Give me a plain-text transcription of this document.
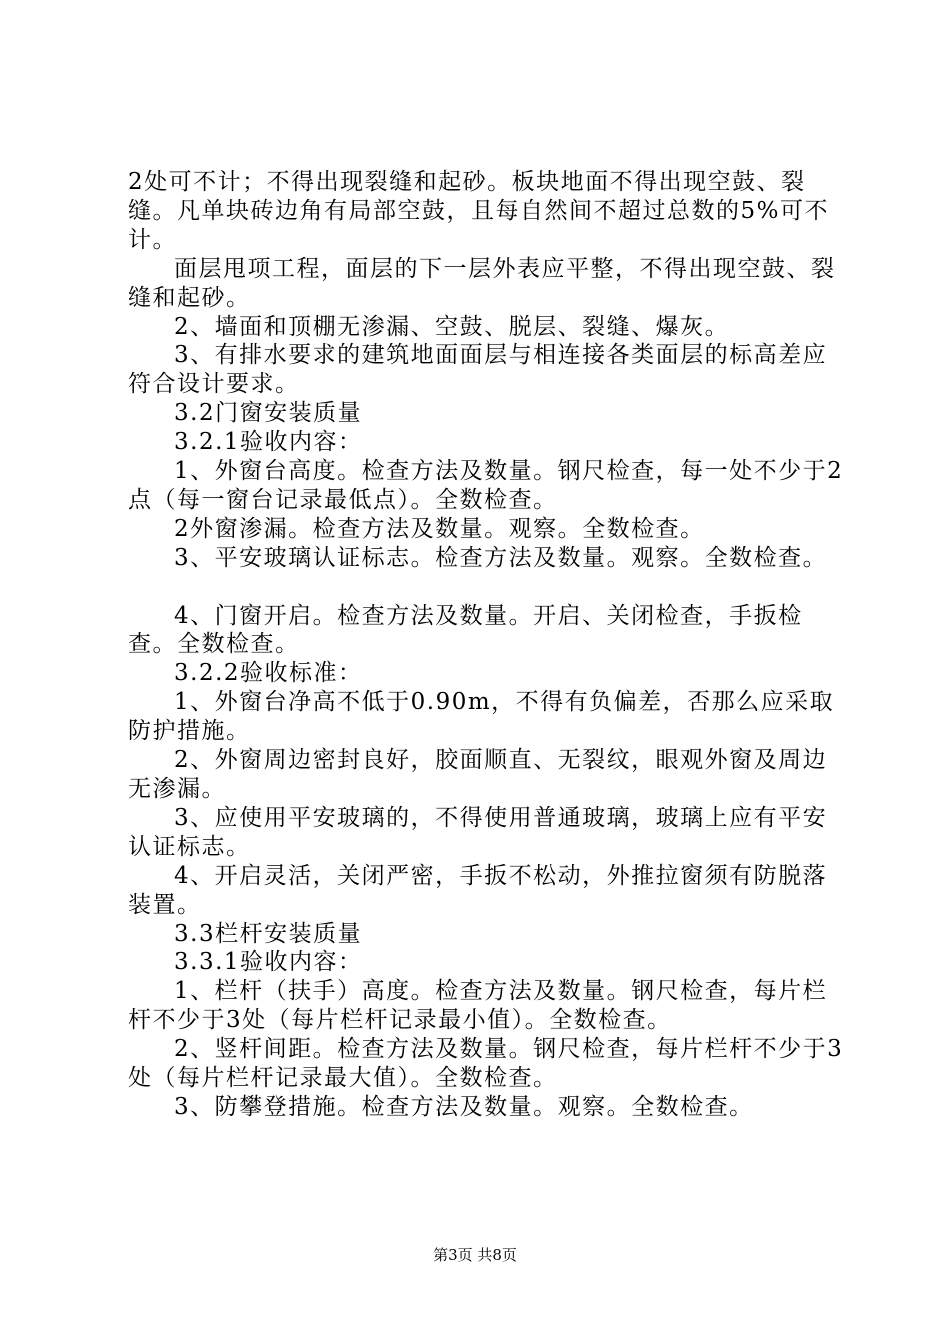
2处可不计；不得出现裂缝和起砂。板块地面不得出现空鼓、裂缝。凡单块砖边角有局部空鼓，且每自然间不超过总数的5%可不计。

面层甩项工程，面层的下一层外表应平整，不得出现空鼓、裂缝和起砂。

2、墙面和顶棚无渗漏、空鼓、脱层、裂缝、爆灰。

3、有排水要求的建筑地面面层与相连接各类面层的标高差应符合设计要求。

3.2门窗安装质量

3.2.1验收内容：

1、外窗台高度。检查方法及数量。钢尺检查，每一处不少于2点（每一窗台记录最低点）。全数检查。

2外窗渗漏。检查方法及数量。观察。全数检查。

3、平安玻璃认证标志。检查方法及数量。观察。全数检查。

4、门窗开启。检查方法及数量。开启、关闭检查，手扳检查。全数检查。

3.2.2验收标准：

1、外窗台净高不低于0.90m，不得有负偏差，否那么应采取防护措施。

2、外窗周边密封良好，胶面顺直、无裂纹，眼观外窗及周边无渗漏。

3、应使用平安玻璃的，不得使用普通玻璃，玻璃上应有平安认证标志。

4、开启灵活，关闭严密，手扳不松动，外推拉窗须有防脱落装置。

3.3栏杆安装质量

3.3.1验收内容：

1、栏杆（扶手）高度。检查方法及数量。钢尺检查，每片栏杆不少于3处（每片栏杆记录最小值）。全数检查。

2、竖杆间距。检查方法及数量。钢尺检查，每片栏杆不少于3处（每片栏杆记录最大值）。全数检查。

3、防攀登措施。检查方法及数量。观察。全数检查。

第3页 共8页
